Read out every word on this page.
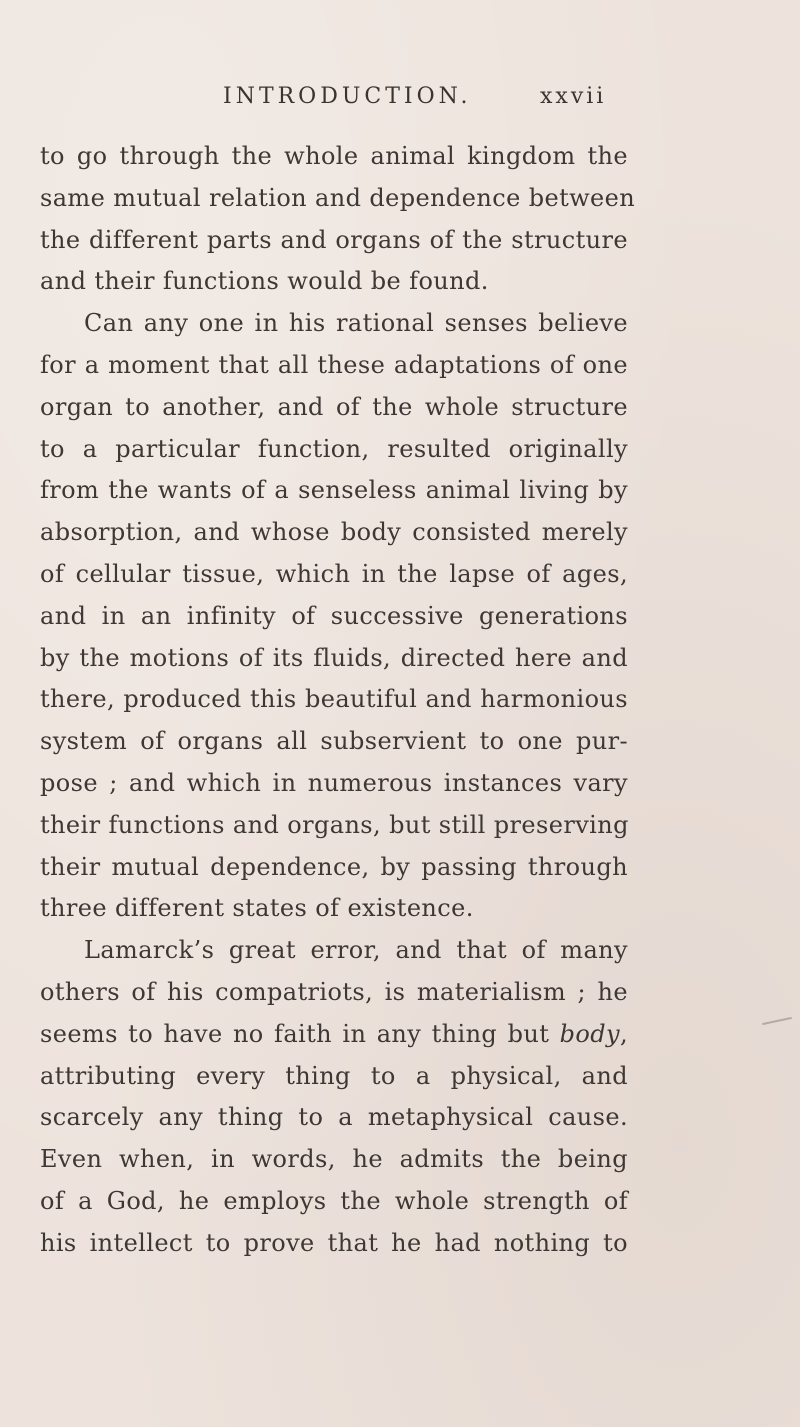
INTRODUCTION.	xxvii
to go through the whole animal kingdom the
same mutual relation and dependence between
the different parts and organs of the structure
and their functions would be found.
Can any one in his rational senses believe
for a moment that all these adaptations of one
organ to another, and of the whole structure
to a particular function, resulted originally
from the wants of a senseless animal living by
absorption, and whose body consisted merely
of cellular tissue, which in the lapse of ages,
and in an infinity of successive generations
by the motions of its fluids, directed here and
there, produced this beautiful and harmonious
system of organs all subservient to one pur-
pose ; and which in numerous instances vary
their functions and organs, but still preserving
their mutual dependence, by passing through
three different states of existence.
Lamarck’s great error, and that of many
others of his compatriots, is materialism ; he
seems to have no faith in any thing but body,
attributing every thing to a physical, and
scarcely any thing to a metaphysical cause.
Even when, in words, he admits the being
of a God, he employs the whole strength of
his intellect to prove that he had nothing to
